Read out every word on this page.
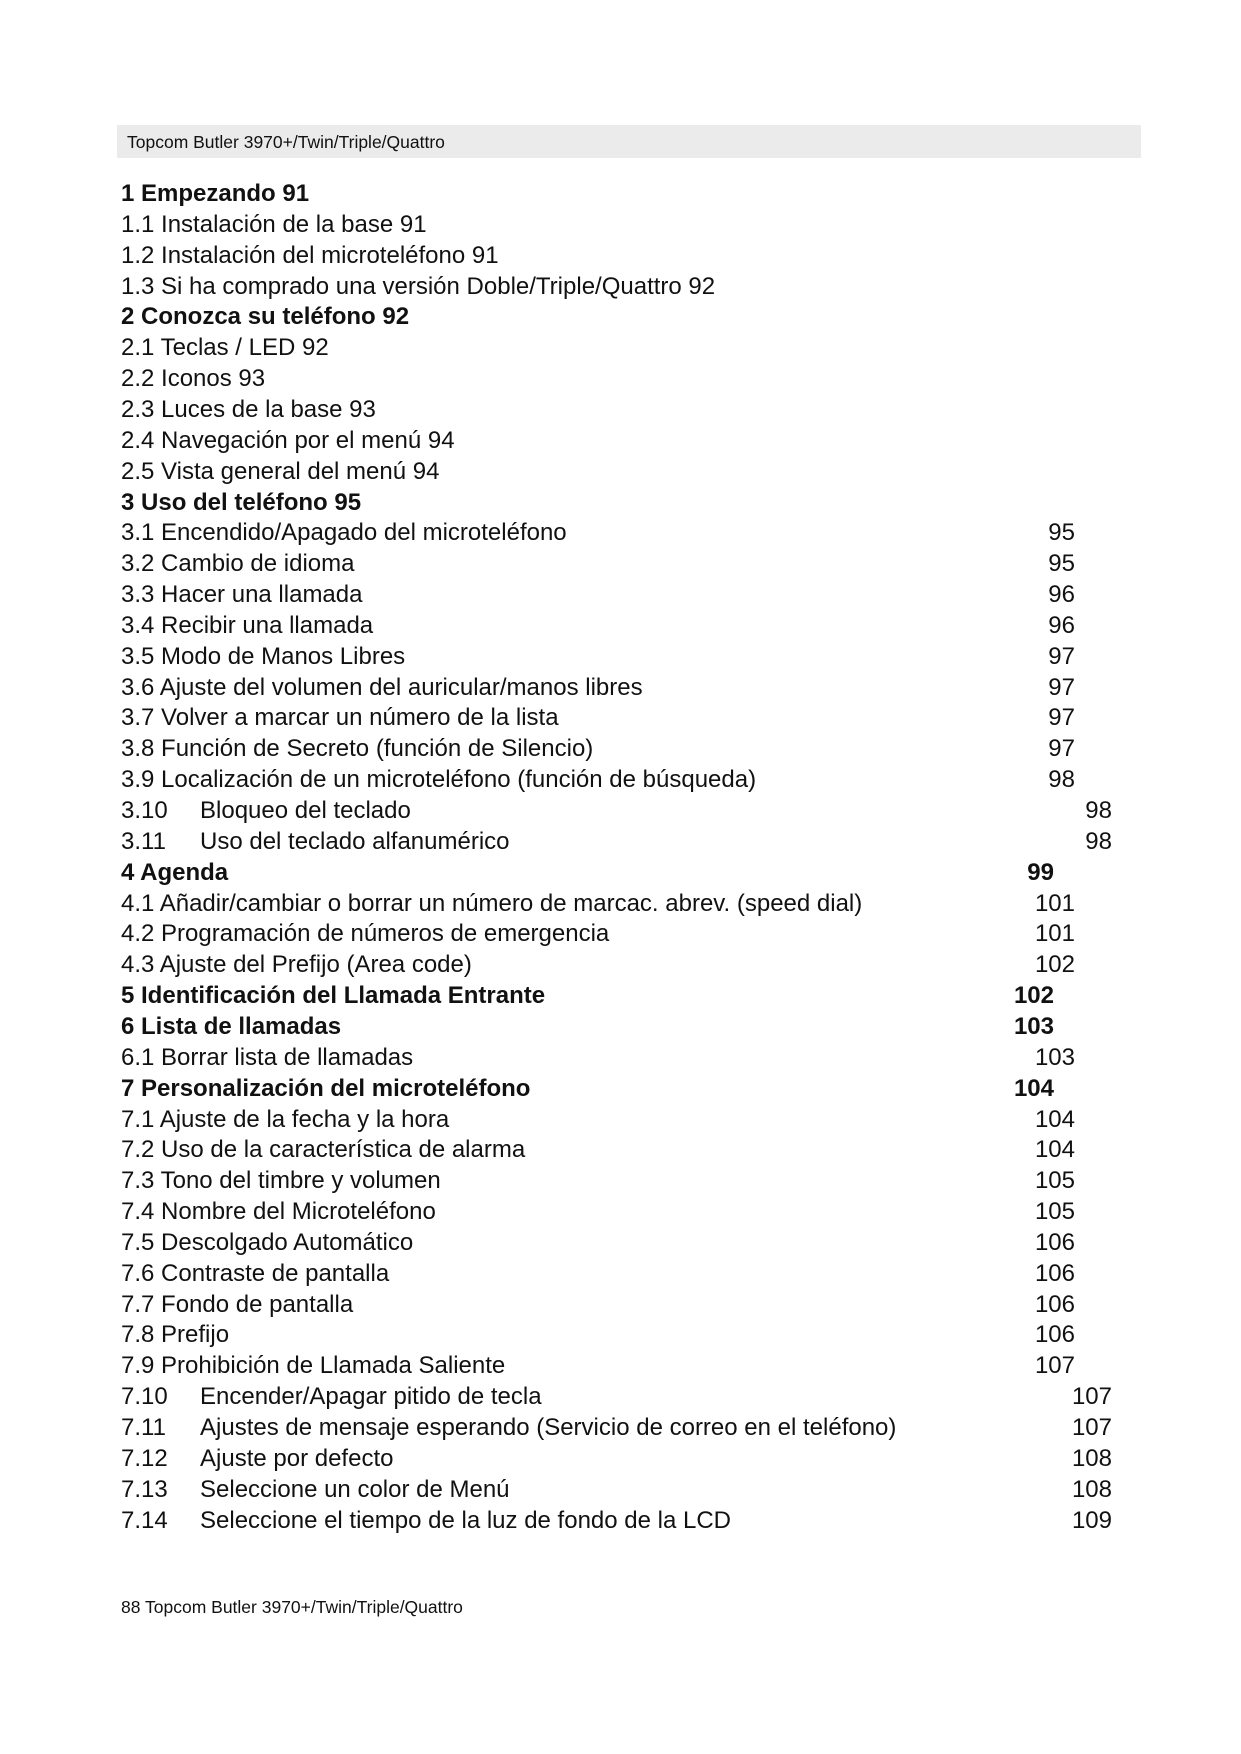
Topcom Butler 3970+/Twin/Triple/Quattro
1 Empezando 91
1.1 Instalación de la base 91
1.2 Instalación del microteléfono 91
1.3 Si ha comprado una versión Doble/Triple/Quattro 92
2 Conozca su teléfono 92
2.1 Teclas / LED 92
2.2 Iconos 93
2.3 Luces de la base 93
2.4 Navegación por el menú 94
2.5 Vista general del menú 94
3 Uso del teléfono 95
3.1 Encendido/Apagado del microteléfono	95
3.2 Cambio de idioma	95
3.3 Hacer una llamada	96
3.4 Recibir una llamada	96
3.5 Modo de Manos Libres	97
3.6 Ajuste del volumen del auricular/manos libres	97
3.7 Volver a marcar un número de la lista	97
3.8 Función de Secreto (función de Silencio)	97
3.9 Localización de un microteléfono (función de búsqueda)	98
3.10 Bloqueo del teclado	98
3.11 Uso del teclado alfanumérico	98
4 Agenda	99
4.1 Añadir/cambiar o borrar un número de marcac. abrev. (speed dial)	101
4.2 Programación de números de emergencia	101
4.3 Ajuste del Prefijo (Area code)	102
5 Identificación del Llamada Entrante	102
6 Lista de llamadas	103
6.1 Borrar lista de llamadas	103
7 Personalización del microteléfono	104
7.1 Ajuste de la fecha y la hora	104
7.2 Uso de la característica de alarma	104
7.3 Tono del timbre y volumen	105
7.4 Nombre del Microteléfono	105
7.5 Descolgado Automático	106
7.6 Contraste de pantalla	106
7.7 Fondo de pantalla	106
7.8 Prefijo	106
7.9 Prohibición de Llamada Saliente	107
7.10 Encender/Apagar pitido de tecla	107
7.11 Ajustes de mensaje esperando (Servicio de correo en el teléfono)	107
7.12 Ajuste por defecto	108
7.13 Seleccione un color de Menú	108
7.14 Seleccione el tiempo de la luz de fondo de la LCD	109
88 Topcom Butler 3970+/Twin/Triple/Quattro
